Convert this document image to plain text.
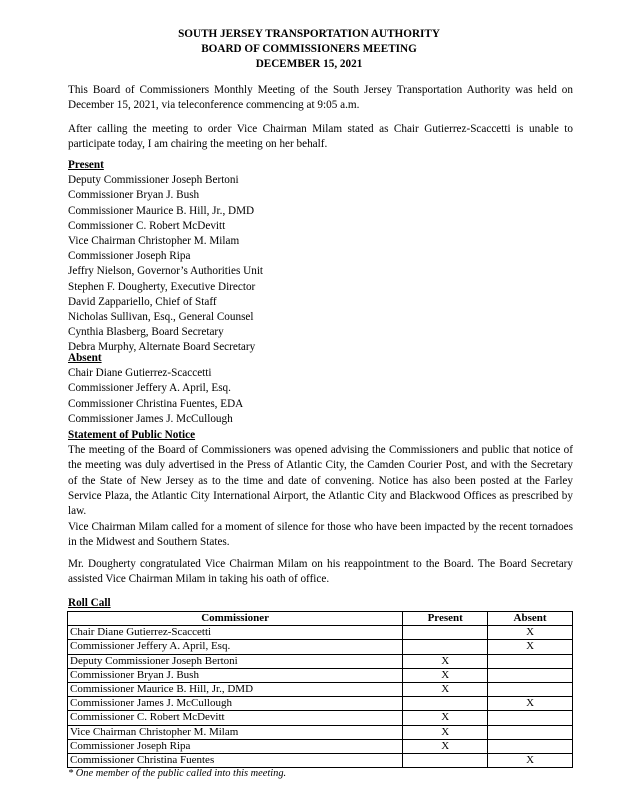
SOUTH JERSEY TRANSPORTATION AUTHORITY
BOARD OF COMMISSIONERS MEETING
DECEMBER 15, 2021

This Board of Commissioners Monthly Meeting of the South Jersey Transportation Authority was held on December 15, 2021, via teleconference commencing at 9:05 a.m.

After calling the meeting to order Vice Chairman Milam stated as Chair Gutierrez-Scaccetti is unable to participate today, I am chairing the meeting on her behalf.

Present
Deputy Commissioner Joseph Bertoni
Commissioner Bryan J. Bush
Commissioner Maurice B. Hill, Jr., DMD
Commissioner C. Robert McDevitt
Vice Chairman Christopher M. Milam
Commissioner Joseph Ripa
Jeffry Nielson, Governor’s Authorities Unit
Stephen F. Dougherty, Executive Director
David Zappariello, Chief of Staff
Nicholas Sullivan, Esq., General Counsel
Cynthia Blasberg, Board Secretary
Debra Murphy, Alternate Board Secretary
Absent
Chair Diane Gutierrez-Scaccetti
Commissioner Jeffery A. April, Esq.
Commissioner Christina Fuentes, EDA
Commissioner James J. McCullough
Statement of Public Notice
The meeting of the Board of Commissioners was opened advising the Commissioners and public that notice of the meeting was duly advertised in the Press of Atlantic City, the Camden Courier Post, and with the Secretary of the State of New Jersey as to the time and date of convening. Notice has also been posted at the Farley Service Plaza, the Atlantic City International Airport, the Atlantic City and Blackwood Offices as prescribed by law.

Vice Chairman Milam called for a moment of silence for those who have been impacted by the recent tornadoes in the Midwest and Southern States.

Mr. Dougherty congratulated Vice Chairman Milam on his reappointment to the Board. The Board Secretary assisted Vice Chairman Milam in taking his oath of office.

Roll Call
Commissioner	Present	Absent
Chair Diane Gutierrez-Scaccetti		X
Commissioner Jeffery A. April, Esq.		X
Deputy Commissioner Joseph Bertoni	X	
Commissioner Bryan J. Bush	X	
Commissioner Maurice B. Hill, Jr., DMD	X	
Commissioner James J. McCullough		X
Commissioner C. Robert McDevitt	X	
Vice Chairman Christopher M. Milam	X	
Commissioner Joseph Ripa	X	
Commissioner Christina Fuentes		X
* One member of the public called into this meeting.
